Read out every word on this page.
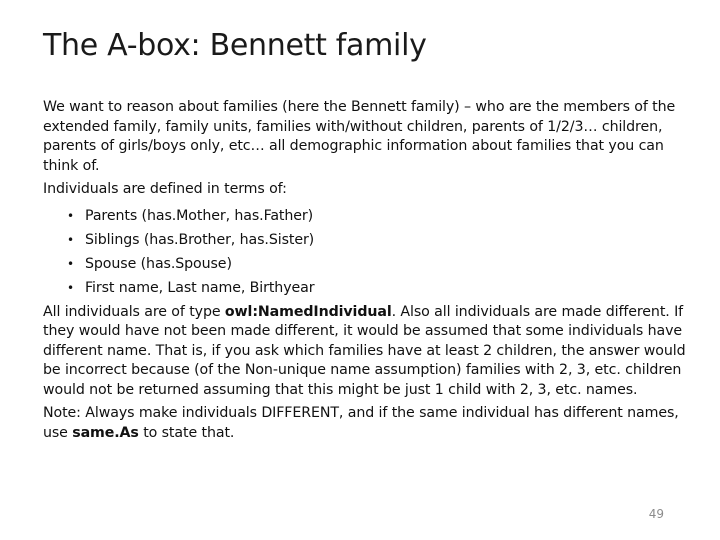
The A-box: Bennett family

We want to reason about families (here the Bennett family) – who are the members of the extended family, family units, families with/without children, parents of 1/2/3… children, parents of girls/boys only, etc… all demographic information about families that you can think of.

Individuals are defined in terms of:

• Parents (has.Mother, has.Father)
• Siblings (has.Brother, has.Sister)
• Spouse (has.Spouse)
• First name, Last name, Birthyear

All individuals are of type owl:NamedIndividual. Also all individuals are made different. If they would have not been made different, it would be assumed that some individuals have different name. That is, if you ask which families have at least 2 children, the answer would be incorrect because (of the Non-unique name assumption) families with 2, 3, etc. children would not be returned assuming that this might be just 1 child with 2, 3, etc. names.

Note: Always make individuals DIFFERENT, and if the same individual has different names, use same.As to state that.

49
